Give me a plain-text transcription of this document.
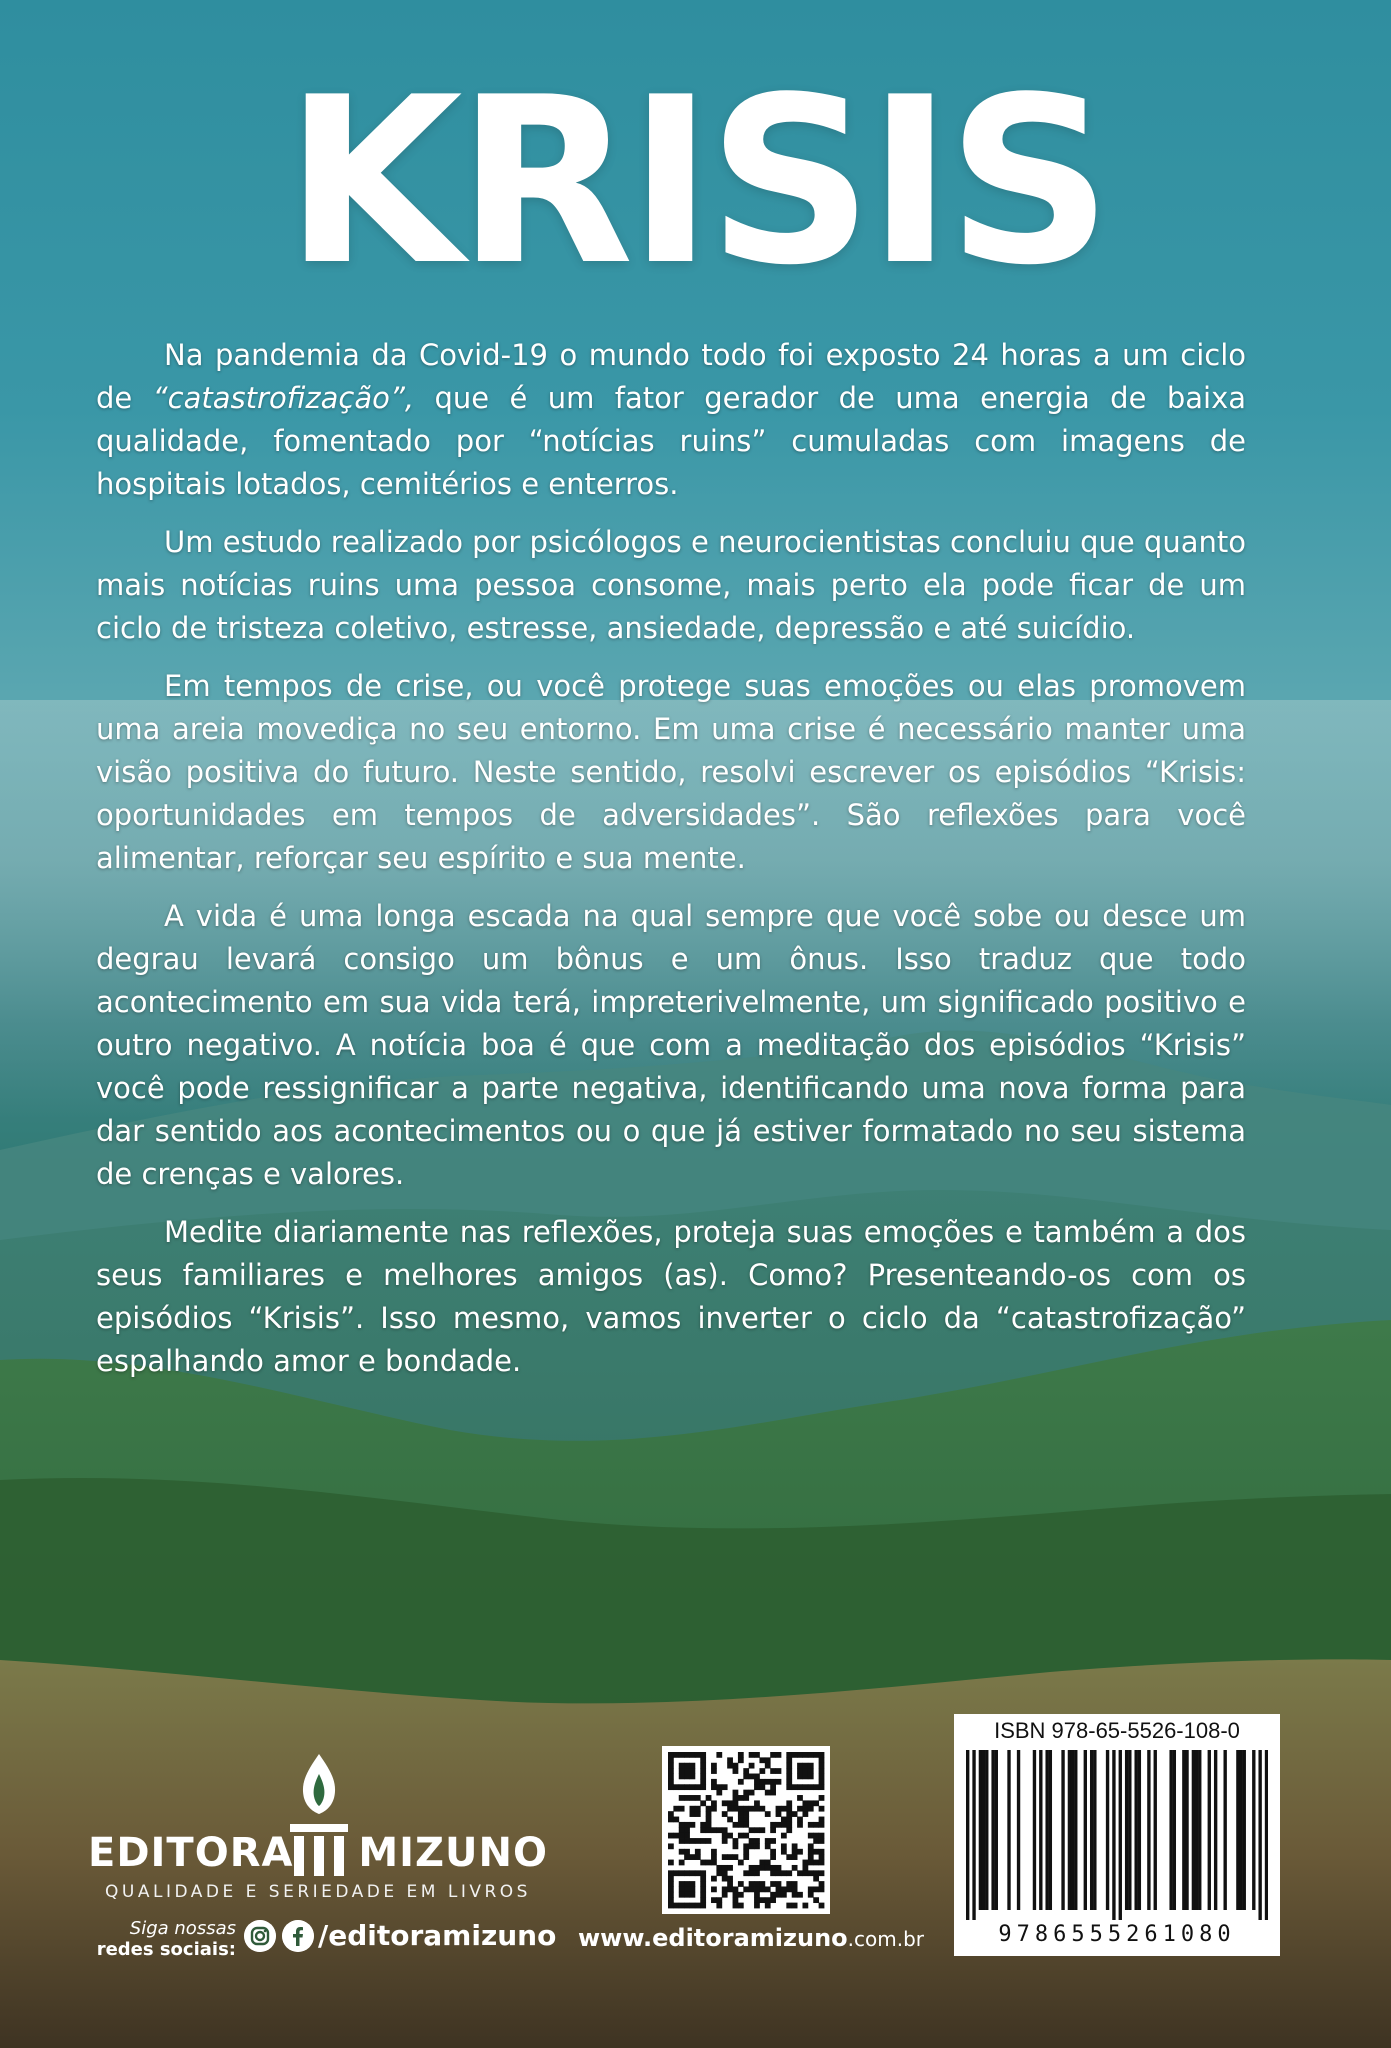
KRISIS

Na pandemia da Covid-19 o mundo todo foi exposto 24 horas a um ciclo de “catastrofização”, que é um fator gerador de uma energia de baixa qualidade, fomentado por “notícias ruins” cumuladas com imagens de hospitais lotados, cemitérios e enterros.

Um estudo realizado por psicólogos e neurocientistas concluiu que quanto mais notícias ruins uma pessoa consome, mais perto ela pode ficar de um ciclo de tristeza coletivo, estresse, ansiedade, depressão e até suicídio.

Em tempos de crise, ou você protege suas emoções ou elas promovem uma areia movediça no seu entorno. Em uma crise é necessário manter uma visão positiva do futuro. Neste sentido, resolvi escrever os episódios “Krisis: oportunidades em tempos de adversidades”. São reflexões para você alimentar, reforçar seu espírito e sua mente.

A vida é uma longa escada na qual sempre que você sobe ou desce um degrau levará consigo um bônus e um ônus. Isso traduz que todo acontecimento em sua vida terá, impreterivelmente, um significado positivo e outro negativo. A notícia boa é que com a meditação dos episódios “Krisis” você pode ressignificar a parte negativa, identificando uma nova forma para dar sentido aos acontecimentos ou o que já estiver formatado no seu sistema de crenças e valores.

Medite diariamente nas reflexões, proteja suas emoções e também a dos seus familiares e melhores amigos (as). Como? Presenteando-os com os episódios “Krisis”. Isso mesmo, vamos inverter o ciclo da “catastrofização” espalhando amor e bondade.

EDITORA MIZUNO
QUALIDADE E SERIEDADE EM LIVROS
Siga nossas
redes sociais:	/editoramizuno www.editoramizuno.com.br
ISBN 978-65-5526-108-0
9786555261080
